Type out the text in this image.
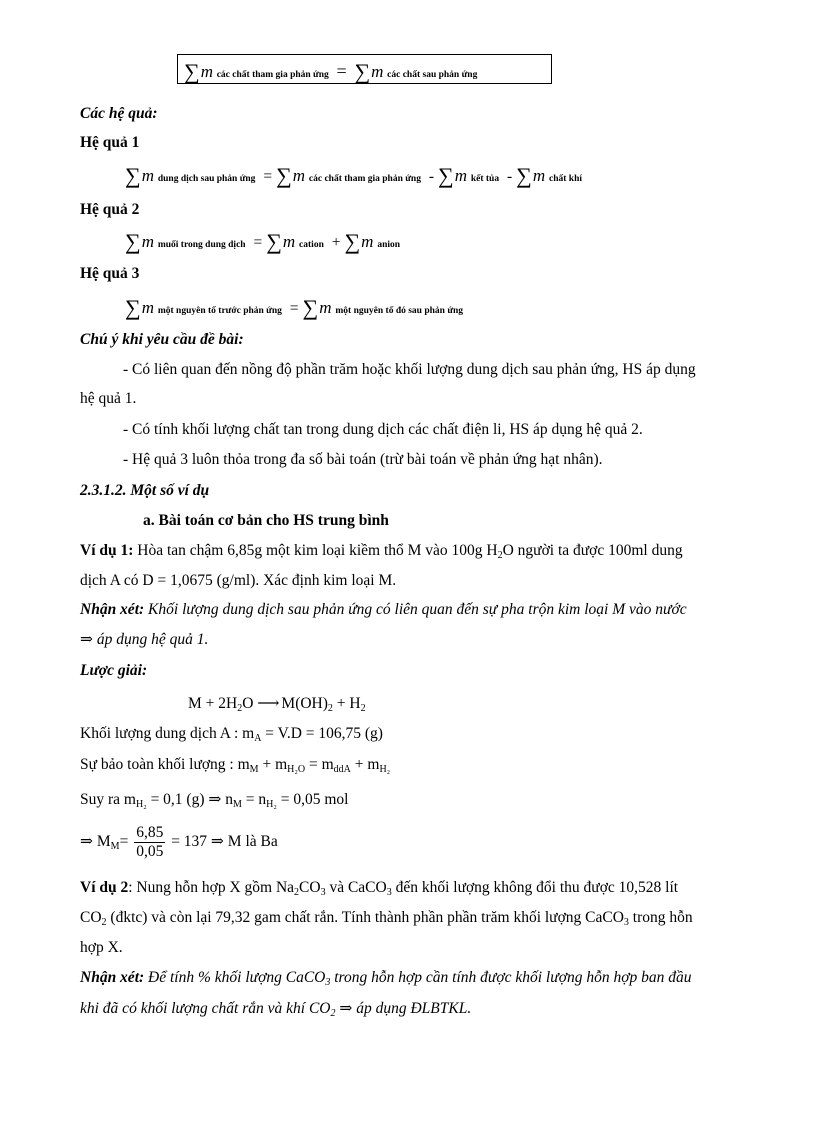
∑m các chất tham gia phản ứng = ∑m các chất sau phản ứng
Các hệ quả:
Hệ quả 1
∑m dung dịch sau phản ứng = ∑m các chất tham gia phản ứng - ∑m kết tủa - ∑m chất khí
Hệ quả 2
∑m muối trong dung dịch = ∑m cation + ∑m anion
Hệ quả 3
∑m một nguyên tố trước phản ứng = ∑m một nguyên tố đó sau phản ứng
Chú ý khi yêu cầu đề bài:
- Có liên quan đến nồng độ phần trăm hoặc khối lượng dung dịch sau phản ứng, HS áp dụng
hệ quả 1.
- Có tính khối lượng chất tan trong dung dịch các chất điện li, HS áp dụng hệ quả 2.
- Hệ quả 3 luôn thỏa trong đa số bài toán (trừ bài toán về phản ứng hạt nhân).
2.3.1.2. Một số ví dụ
a. Bài toán cơ bản cho HS trung bình
Ví dụ 1: Hòa tan chậm 6,85g một kim loại kiềm thổ M vào 100g $H_2O$ người ta được 100ml dung
dịch A có D = 1,0675 (g/ml). Xác định kim loại M.
Nhận xét: Khối lượng dung dịch sau phản ứng có liên quan đến sự pha trộn kim loại M vào nước
⇒ áp dụng hệ quả 1.
Lược giải:
$M + 2H_2O$ ⟶ $M(OH)_2 + H_2$
Khối lượng dung dịch A : $m_A = V.D = 106,75$ (g)
Sự bảo toàn khối lượng : $m_M + m_{H_2O} = m_{ddA} + m_{H_2}$
Suy ra $m_{H_2} = 0,1$ (g) ⇒ $n_M = n_{H_2} = 0,05$ mol
⇒ $M_M= \frac{6,85}{0,05} = 137$ ⇒ M là Ba
Ví dụ 2: Nung hỗn hợp X gồm $Na_2CO_3$ và CaCO$_3$ đến khối lượng không đổi thu được 10,528 lít
$CO_2$ (đktc) và còn lại 79,32 gam chất rắn. Tính thành phần phần trăm khối lượng CaCO$_3$ trong hỗn
hợp X.
Nhận xét: Để tính % khối lượng CaCO$_3$ trong hỗn hợp cần tính được khối lượng hỗn hợp ban đầu
khi đã có khối lượng chất rắn và khí $CO_2$ ⇒ áp dụng ĐLBTKL.
